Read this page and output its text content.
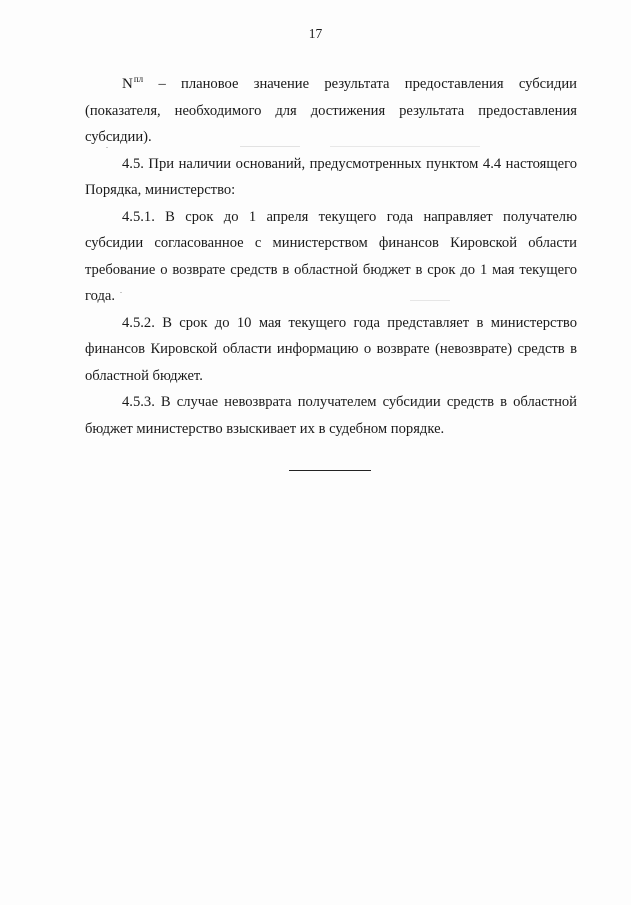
17

$N^{пл}$ – плановое значение результата предоставления субсидии (показателя, необходимого для достижения результата предоставления субсидии).

4.5. При наличии оснований, предусмотренных пунктом 4.4 настоящего Порядка, министерство:

4.5.1. В срок до 1 апреля текущего года направляет получателю субсидии согласованное с министерством финансов Кировской области требование о возврате средств в областной бюджет в срок до 1 мая текущего года.

4.5.2. В срок до 10 мая текущего года представляет в министерство финансов Кировской области информацию о возврате (невозврате) средств в областной бюджет.

4.5.3. В случае невозврата получателем субсидии средств в областной бюджет министерство взыскивает их в судебном порядке.
